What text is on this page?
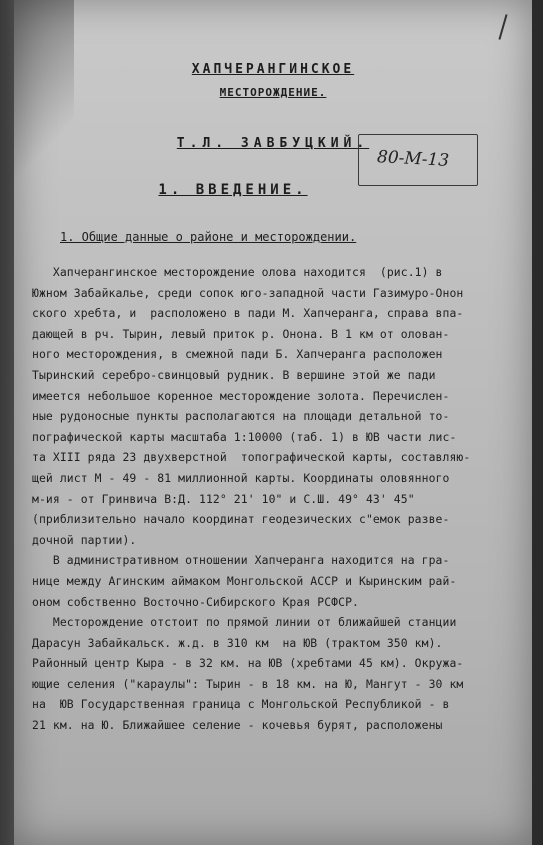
ХАПЧЕРАНГИНСКОЕ
МЕСТОРОЖДЕНИЕ.
Т.Л. ЗАВБУЦКИЙ.
80-М-13
1. ВВЕДЕНИЕ.
1. Общие данные о районе и месторождении.
Хапчерангинское месторождение олова находится  (рис.1) в
Южном Забайкалье, среди сопок юго-западной части Газимуро-Онон
ского хребта, и  расположено в пади М. Хапчеранга, справа впа-
дающей в рч. Тырин, левый приток р. Онона. В 1 км от олован-
ного месторождения, в смежной пади Б. Хапчеранга расположен
Тыринский серебро-свинцовый рудник. В вершине этой же пади
имеется небольшое коренное месторождение золота. Перечислен-
ные рудоносные пункты располагаются на площади детальной то-
пографической карты масштаба 1:10000 (таб. 1) в ЮВ части лис-
та XIII ряда 23 двухверстной  топографической карты, составляю-
щей лист М - 49 - 81 миллионной карты. Координаты оловянного
м-ия - от Гринвича В:Д. 112° 21' 10" и С.Ш. 49° 43' 45"
(приблизительно начало координат геодезических с"емок разве-
дочной партии).
В административном отношении Хапчеранга находится на гра-
нице между Агинским аймаком Монгольской АССР и Кыринским рай-
оном собственно Восточно-Сибирского Края РСФСР.
Месторождение отстоит по прямой линии от ближайшей станции
Дарасун Забайкальск. ж.д. в 310 км  на ЮВ (трактом 350 км).
Районный центр Кыра - в 32 км. на ЮВ (хребтами 45 км). Окружа-
ющие селения ("караулы": Тырин - в 18 км. на Ю, Мангут - 30 км
на  ЮВ Государственная граница с Монгольской Республикой - в
21 км. на Ю. Ближайшее селение - кочевья бурят, расположены
